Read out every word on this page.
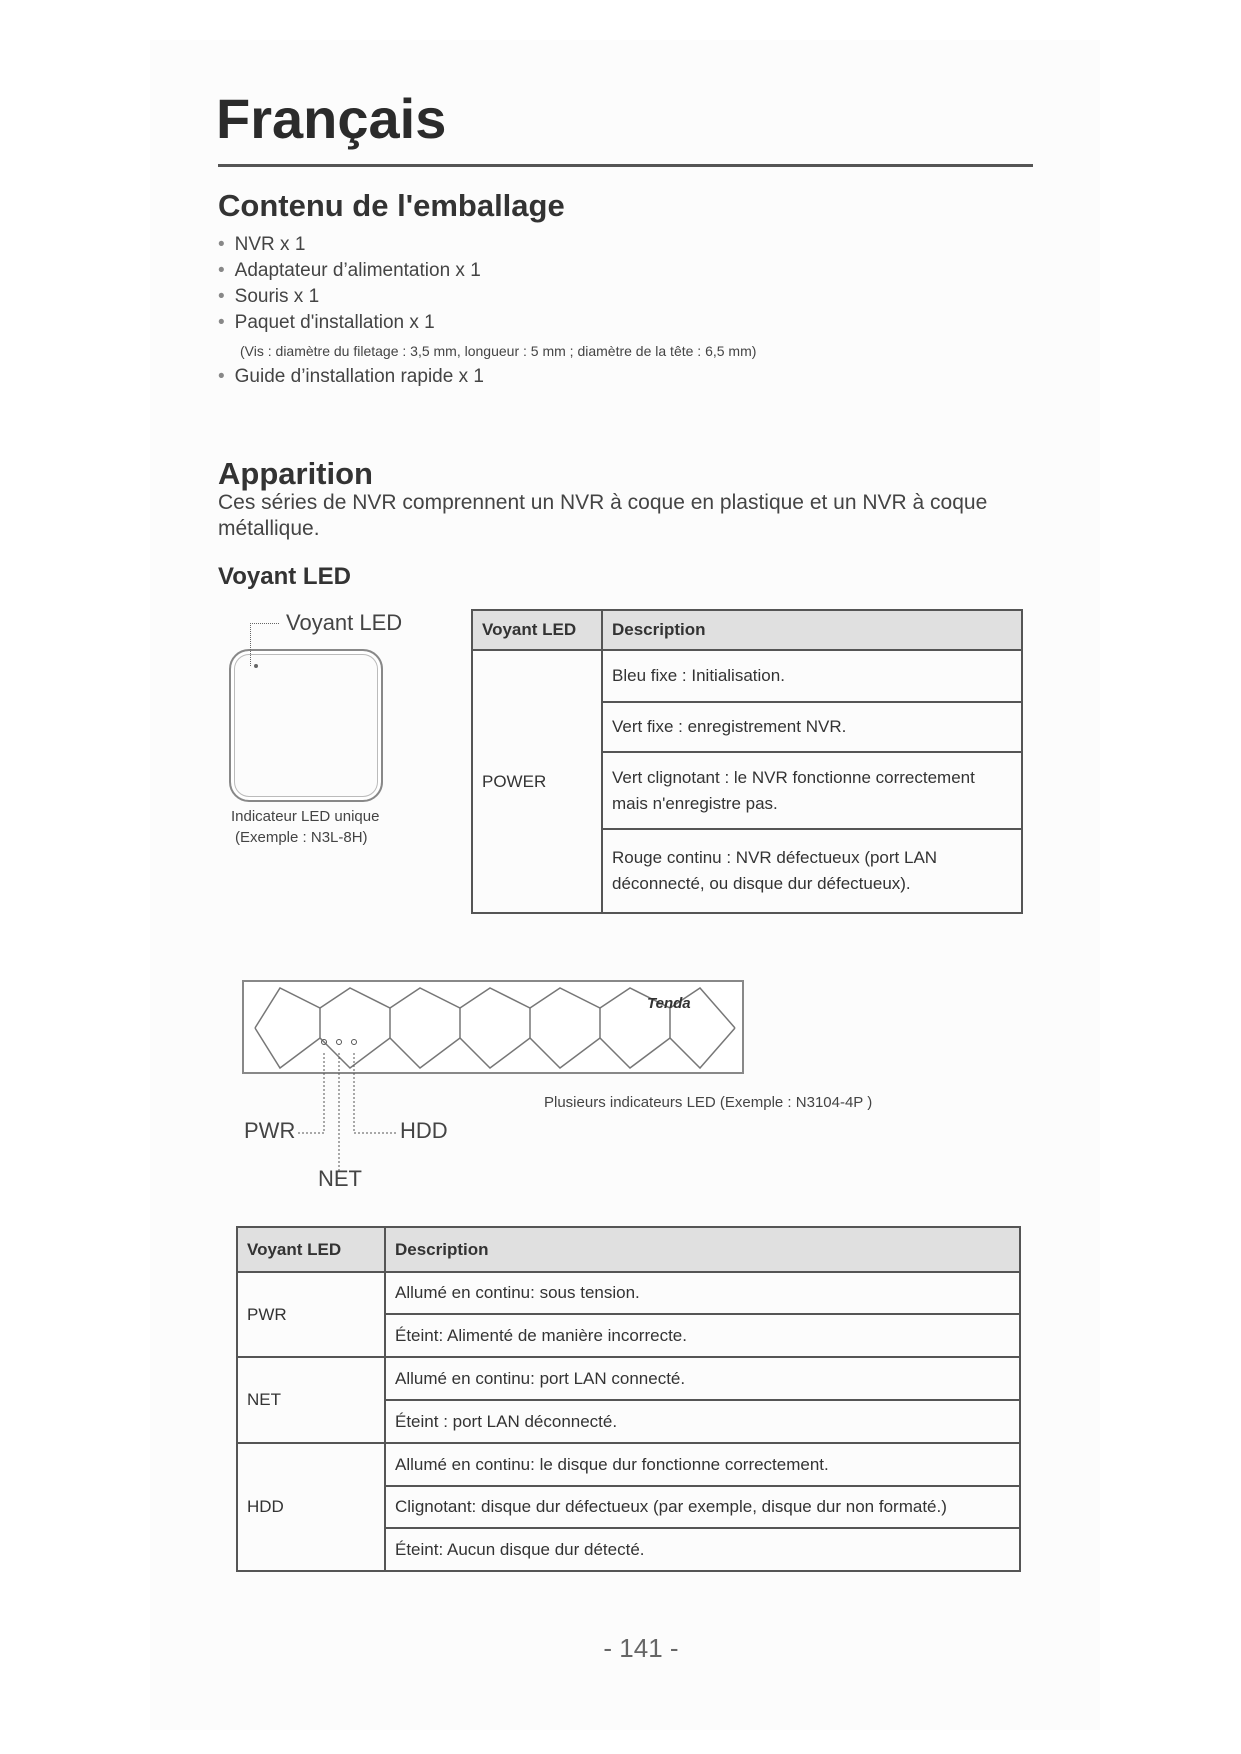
Français
Contenu de l'emballage
• NVR x 1
• Adaptateur d’alimentation x 1
• Souris x 1
• Paquet d'installation x 1
(Vis : diamètre du filetage : 3,5 mm, longueur : 5 mm ; diamètre de la tête : 6,5 mm)
• Guide d’installation rapide x 1
Apparition
Ces séries de NVR comprennent un NVR à coque en plastique et un NVR à coque métallique.
Voyant LED
Voyant LED
Indicateur LED unique
(Exemple : N3L-8H)
Voyant LED	Description
POWER	Bleu fixe : Initialisation.
	Vert fixe : enregistrement NVR.
	Vert clignotant : le NVR fonctionne correctement mais n'enregistre pas.
	Rouge continu : NVR défectueux (port LAN déconnecté, ou disque dur défectueux).
Tenda
PWR	HDD
NET
Plusieurs indicateurs LED (Exemple : N3104-4P )
Voyant LED	Description
PWR	Allumé en continu: sous tension.
	Éteint: Alimenté de manière incorrecte.
NET	Allumé en continu: port LAN connecté.
	Éteint : port LAN déconnecté.
HDD	Allumé en continu: le disque dur fonctionne correctement.
	Clignotant: disque dur défectueux (par exemple, disque dur non formaté.)
	Éteint: Aucun disque dur détecté.
- 141 -
